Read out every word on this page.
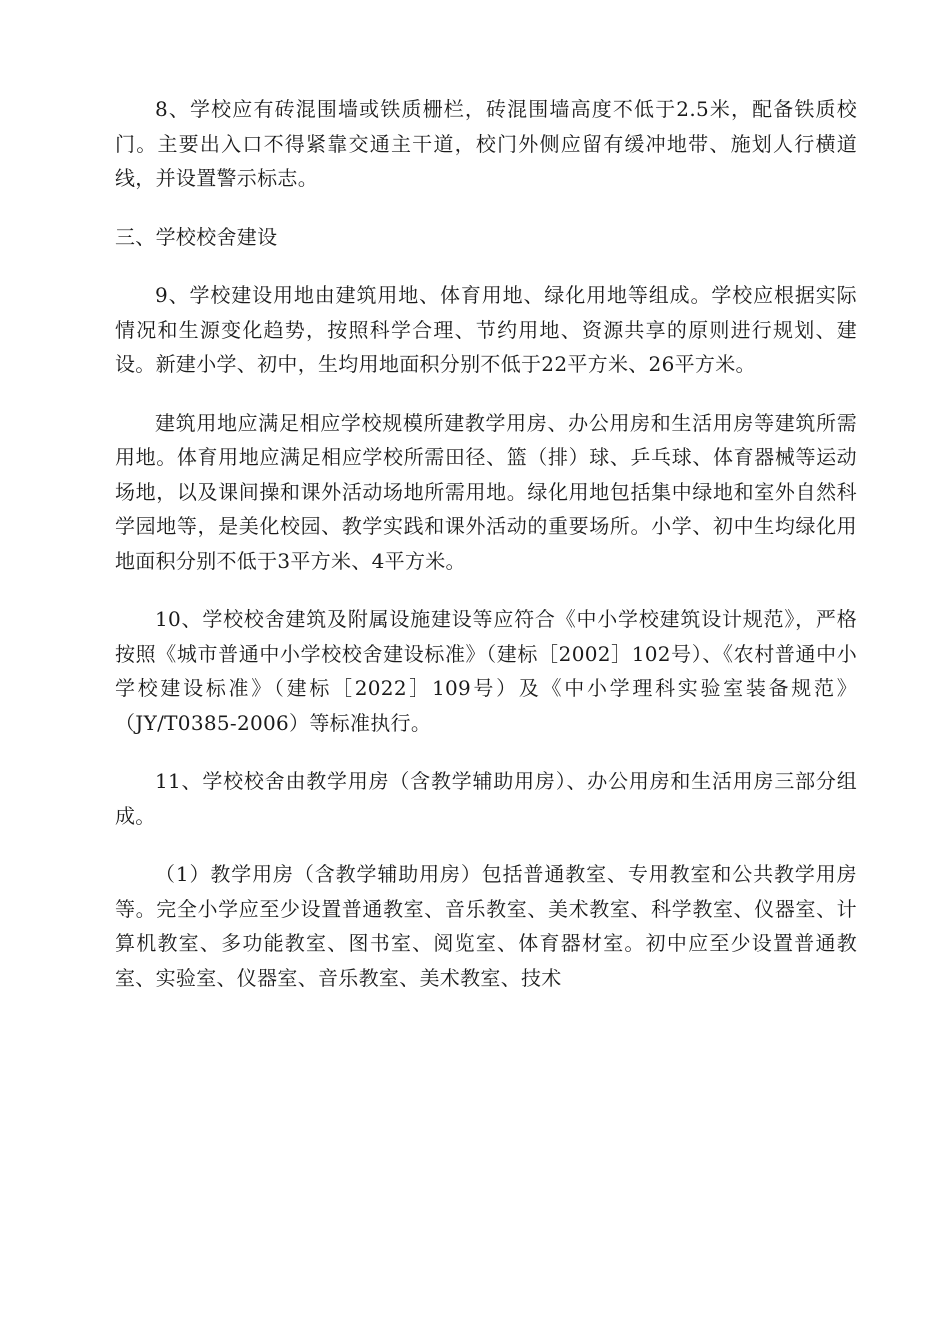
8、学校应有砖混围墙或铁质栅栏，砖混围墙高度不低于2.5米，配备铁质校门。主要出入口不得紧靠交通主干道，校门外侧应留有缓冲地带、施划人行横道线，并设置警示标志。

三、学校校舍建设

9、学校建设用地由建筑用地、体育用地、绿化用地等组成。学校应根据实际情况和生源变化趋势，按照科学合理、节约用地、资源共享的原则进行规划、建设。新建小学、初中，生均用地面积分别不低于22平方米、26平方米。

建筑用地应满足相应学校规模所建教学用房、办公用房和生活用房等建筑所需用地。体育用地应满足相应学校所需田径、篮（排）球、乒乓球、体育器械等运动场地，以及课间操和课外活动场地所需用地。绿化用地包括集中绿地和室外自然科学园地等，是美化校园、教学实践和课外活动的重要场所。小学、初中生均绿化用地面积分别不低于3平方米、4平方米。

10、学校校舍建筑及附属设施建设等应符合《中小学校建筑设计规范》，严格按照《城市普通中小学校校舍建设标准》（建标［2002］102号）、《农村普通中小学校建设标准》（建标［2022］109号）及《中小学理科实验室装备规范》（JY/T0385-2006）等标准执行。

11、学校校舍由教学用房（含教学辅助用房）、办公用房和生活用房三部分组成。

（1）教学用房（含教学辅助用房）包括普通教室、专用教室和公共教学用房等。完全小学应至少设置普通教室、音乐教室、美术教室、科学教室、仪器室、计算机教室、多功能教室、图书室、阅览室、体育器材室。初中应至少设置普通教室、实验室、仪器室、音乐教室、美术教室、技术
